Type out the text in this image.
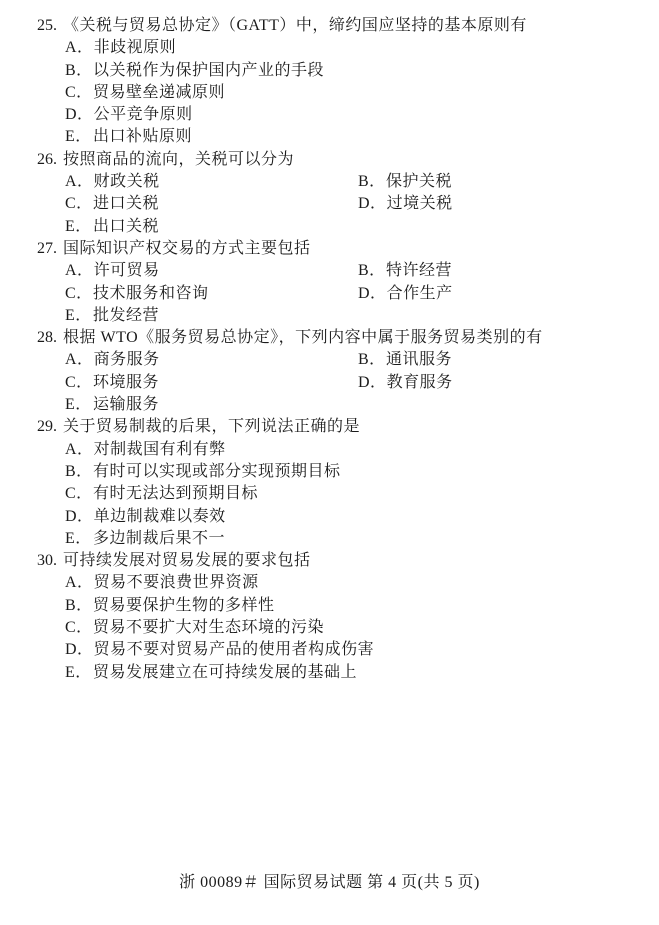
25. 《关税与贸易总协定》（GATT）中，缔约国应坚持的基本原则有
A．非歧视原则
B．以关税作为保护国内产业的手段
C．贸易壁垒递减原则
D．公平竞争原则
E．出口补贴原则
26. 按照商品的流向，关税可以分为
A．财政关税	B．保护关税
C．进口关税	D．过境关税
E．出口关税
27. 国际知识产权交易的方式主要包括
A．许可贸易	B．特许经营
C．技术服务和咨询	D．合作生产
E．批发经营
28. 根据 WTO《服务贸易总协定》，下列内容中属于服务贸易类别的有
A．商务服务	B．通讯服务
C．环境服务	D．教育服务
E．运输服务
29. 关于贸易制裁的后果，下列说法正确的是
A．对制裁国有利有弊
B．有时可以实现或部分实现预期目标
C．有时无法达到预期目标
D．单边制裁难以奏效
E．多边制裁后果不一
30. 可持续发展对贸易发展的要求包括
A．贸易不要浪费世界资源
B．贸易要保护生物的多样性
C．贸易不要扩大对生态环境的污染
D．贸易不要对贸易产品的使用者构成伤害
E．贸易发展建立在可持续发展的基础上
浙 00089＃ 国际贸易试题 第 4 页(共 5 页)
